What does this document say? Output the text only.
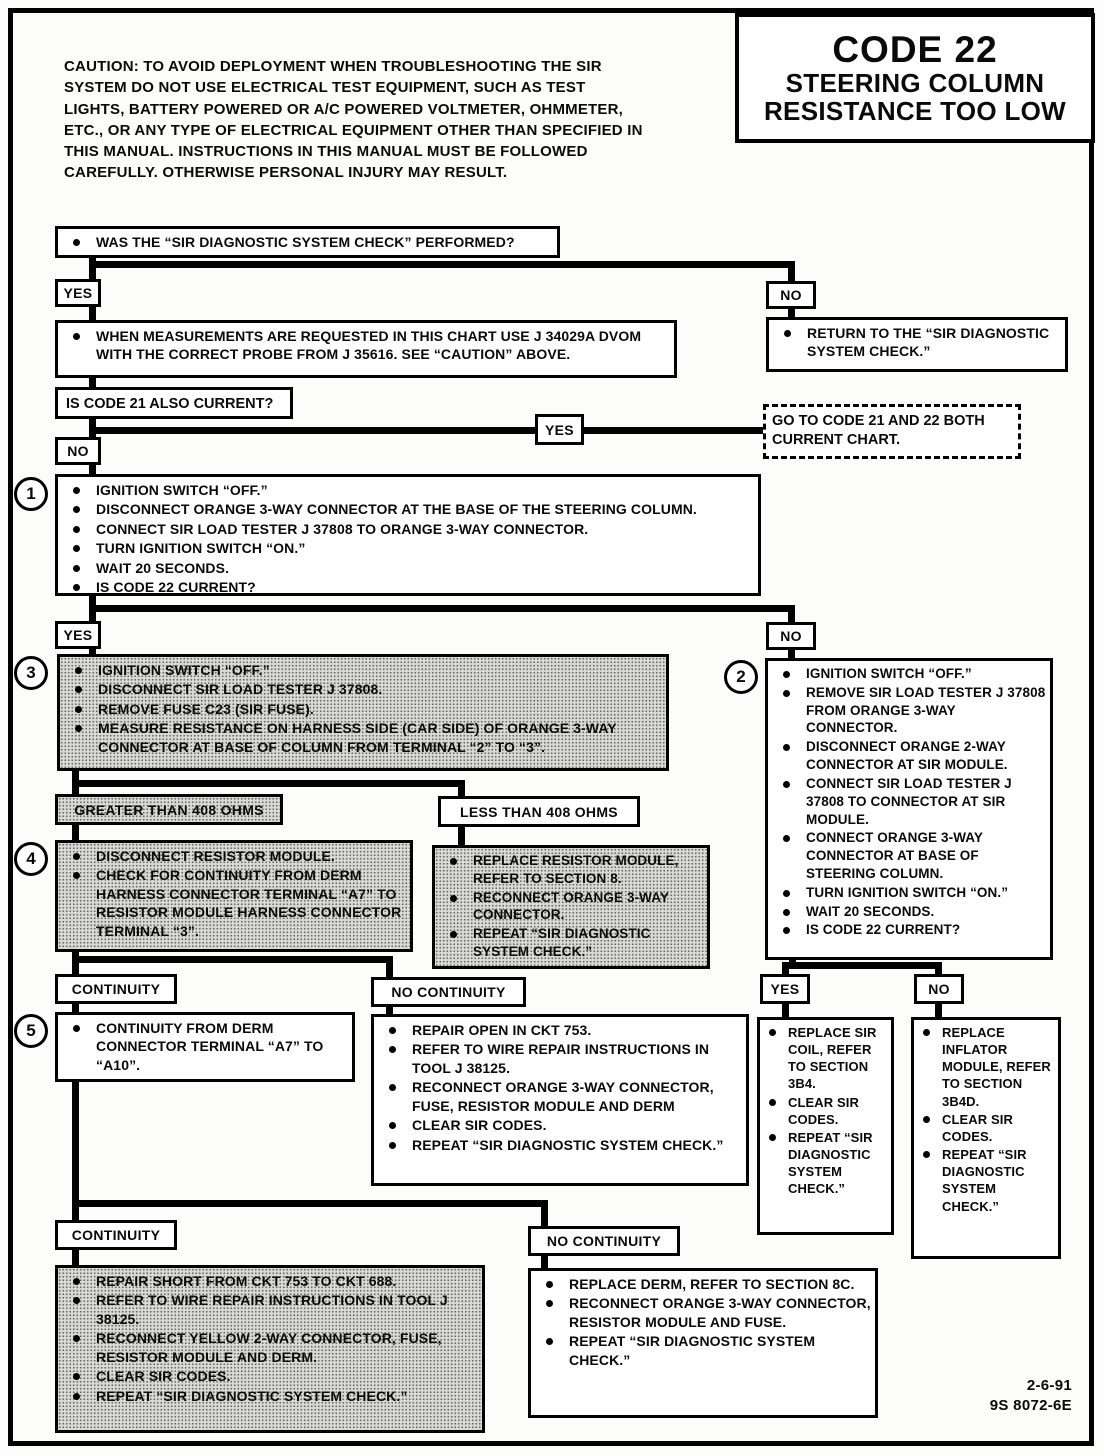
CAUTION: TO AVOID DEPLOYMENT WHEN TROUBLESHOOTING THE SIR SYSTEM DO NOT USE ELECTRICAL TEST EQUIPMENT, SUCH AS TEST LIGHTS, BATTERY POWERED OR A/C POWERED VOLTMETER, OHMMETER, ETC., OR ANY TYPE OF ELECTRICAL EQUIPMENT OTHER THAN SPECIFIED IN THIS MANUAL. INSTRUCTIONS IN THIS MANUAL MUST BE FOLLOWED CAREFULLY. OTHERWISE PERSONAL INJURY MAY RESULT.
CODE 22
STEERING COLUMN
RESISTANCE TOO LOW
WAS THE “SIR DIAGNOSTIC SYSTEM CHECK” PERFORMED?
YES	NO
WHEN MEASUREMENTS ARE REQUESTED IN THIS CHART USE J 34029A DVOM WITH THE CORRECT PROBE FROM J 35616. SEE “CAUTION” ABOVE.
RETURN TO THE “SIR DIAGNOSTIC SYSTEM CHECK.”
IS CODE 21 ALSO CURRENT?
YES
GO TO CODE 21 AND 22 BOTH CURRENT CHART.
NO
IGNITION SWITCH “OFF.”
DISCONNECT ORANGE 3-WAY CONNECTOR AT THE BASE OF THE STEERING COLUMN.
CONNECT SIR LOAD TESTER J 37808 TO ORANGE 3-WAY CONNECTOR.
TURN IGNITION SWITCH “ON.”
WAIT 20 SECONDS.
IS CODE 22 CURRENT?
1
YES	NO
IGNITION SWITCH “OFF.”
DISCONNECT SIR LOAD TESTER J 37808.
REMOVE FUSE C23 (SIR FUSE).
MEASURE RESISTANCE ON HARNESS SIDE (CAR SIDE) OF ORANGE 3-WAY CONNECTOR AT BASE OF COLUMN FROM TERMINAL “2” TO “3”.
3	IGNITION SWITCH “OFF.”
REMOVE SIR LOAD TESTER J 37808 FROM ORANGE 3-WAY CONNECTOR.
DISCONNECT ORANGE 2-WAY CONNECTOR AT SIR MODULE.
CONNECT SIR LOAD TESTER J 37808 TO CONNECTOR AT SIR MODULE.
CONNECT ORANGE 3-WAY CONNECTOR AT BASE OF STEERING COLUMN.
TURN IGNITION SWITCH “ON.”
WAIT 20 SECONDS.
IS CODE 22 CURRENT?
2
GREATER THAN 408 OHMS	LESS THAN 408 OHMS
DISCONNECT RESISTOR MODULE.
CHECK FOR CONTINUITY FROM DERM HARNESS CONNECTOR TERMINAL “A7” TO RESISTOR MODULE HARNESS CONNECTOR TERMINAL “3”.
4	REPLACE RESISTOR MODULE, REFER TO SECTION 8.
RECONNECT ORANGE 3-WAY CONNECTOR.
REPEAT “SIR DIAGNOSTIC SYSTEM CHECK.”
CONTINUITY	NO CONTINUITY
CONTINUITY FROM DERM CONNECTOR TERMINAL “A7” TO “A10”.
5	REPAIR OPEN IN CKT 753.
REFER TO WIRE REPAIR INSTRUCTIONS IN TOOL J 38125.
RECONNECT ORANGE 3-WAY CONNECTOR, FUSE, RESISTOR MODULE AND DERM
CLEAR SIR CODES.
REPEAT “SIR DIAGNOSTIC SYSTEM CHECK.”
YES	NO
REPLACE SIR COIL, REFER TO SECTION 3B4.
CLEAR SIR CODES.
REPEAT “SIR DIAGNOSTIC SYSTEM CHECK.”
REPLACE INFLATOR MODULE, REFER TO SECTION 3B4D.
CLEAR SIR CODES.
REPEAT “SIR DIAGNOSTIC SYSTEM CHECK.”
CONTINUITY	NO CONTINUITY
REPAIR SHORT FROM CKT 753 TO CKT 688.
REFER TO WIRE REPAIR INSTRUCTIONS IN TOOL J 38125.
RECONNECT YELLOW 2-WAY CONNECTOR, FUSE, RESISTOR MODULE AND DERM.
CLEAR SIR CODES.
REPEAT “SIR DIAGNOSTIC SYSTEM CHECK.”
REPLACE DERM, REFER TO SECTION 8C.
RECONNECT ORANGE 3-WAY CONNECTOR, RESISTOR MODULE AND FUSE.
REPEAT “SIR DIAGNOSTIC SYSTEM CHECK.”
2-6-91
9S 8072-6E
